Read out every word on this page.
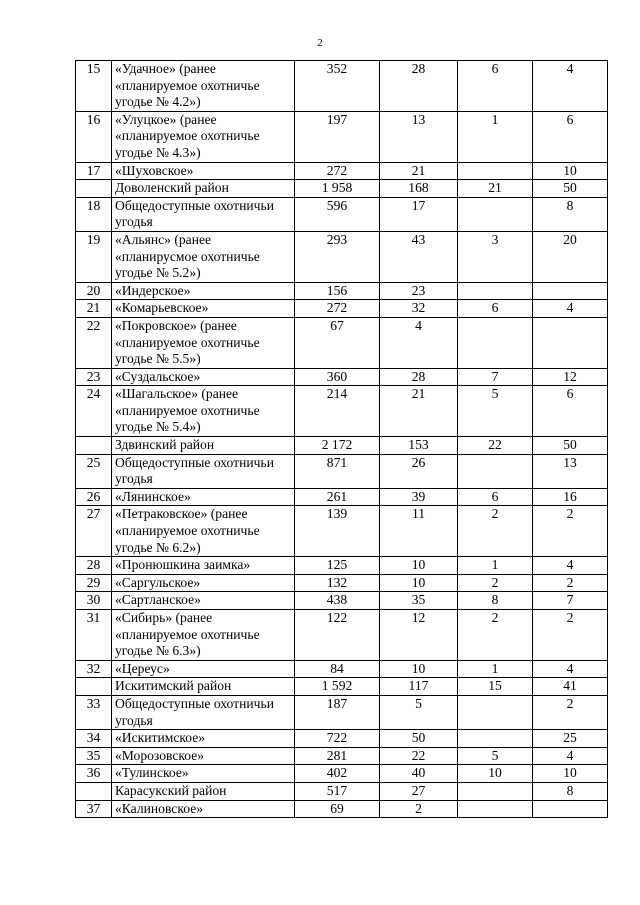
2
15	«Удачное» (ранее «планируемое охотничье угодье № 4.2»)	352	28	6	4
16	«Улуцкое» (ранее «планируемое охотничье угодье № 4.3»)	197	13	1	6
17	«Шуховское»	272	21		10
	Доволенский район	1 958	168	21	50
18	Общедоступные охотничьи угодья	596	17		8
19	«Альянс» (ранее «планирусмое охотничье угодье № 5.2»)	293	43	3	20
20	«Индерское»	156	23		
21	«Комарьевское»	272	32	6	4
22	«Покровское» (ранее «планируемое охотничье угодье № 5.5»)	67	4		
23	«Суздальское»	360	28	7	12
24	«Шагальское» (ранее «планируемое охотничье угодье № 5.4»)	214	21	5	6
	Здвинский район	2 172	153	22	50
25	Общедоступные охотничьи угодья	871	26		13
26	«Лянинское»	261	39	6	16
27	«Петраковское» (ранее «планируемое охотничье угодье № 6.2»)	139	11	2	2
28	«Пронюшкина заимка»	125	10	1	4
29	«Саргульское»	132	10	2	2
30	«Сартланское»	438	35	8	7
31	«Сибирь» (ранее «планируемое охотничье угодье № 6.3»)	122	12	2	2
32	«Цереус»	84	10	1	4
	Искитимский район	1 592	117	15	41
33	Общедоступные охотничьи угодья	187	5		2
34	«Искитимское»	722	50		25
35	«Морозовское»	281	22	5	4
36	«Тулинское»	402	40	10	10
	Карасукский район	517	27		8
37	«Калиновское»	69	2		
